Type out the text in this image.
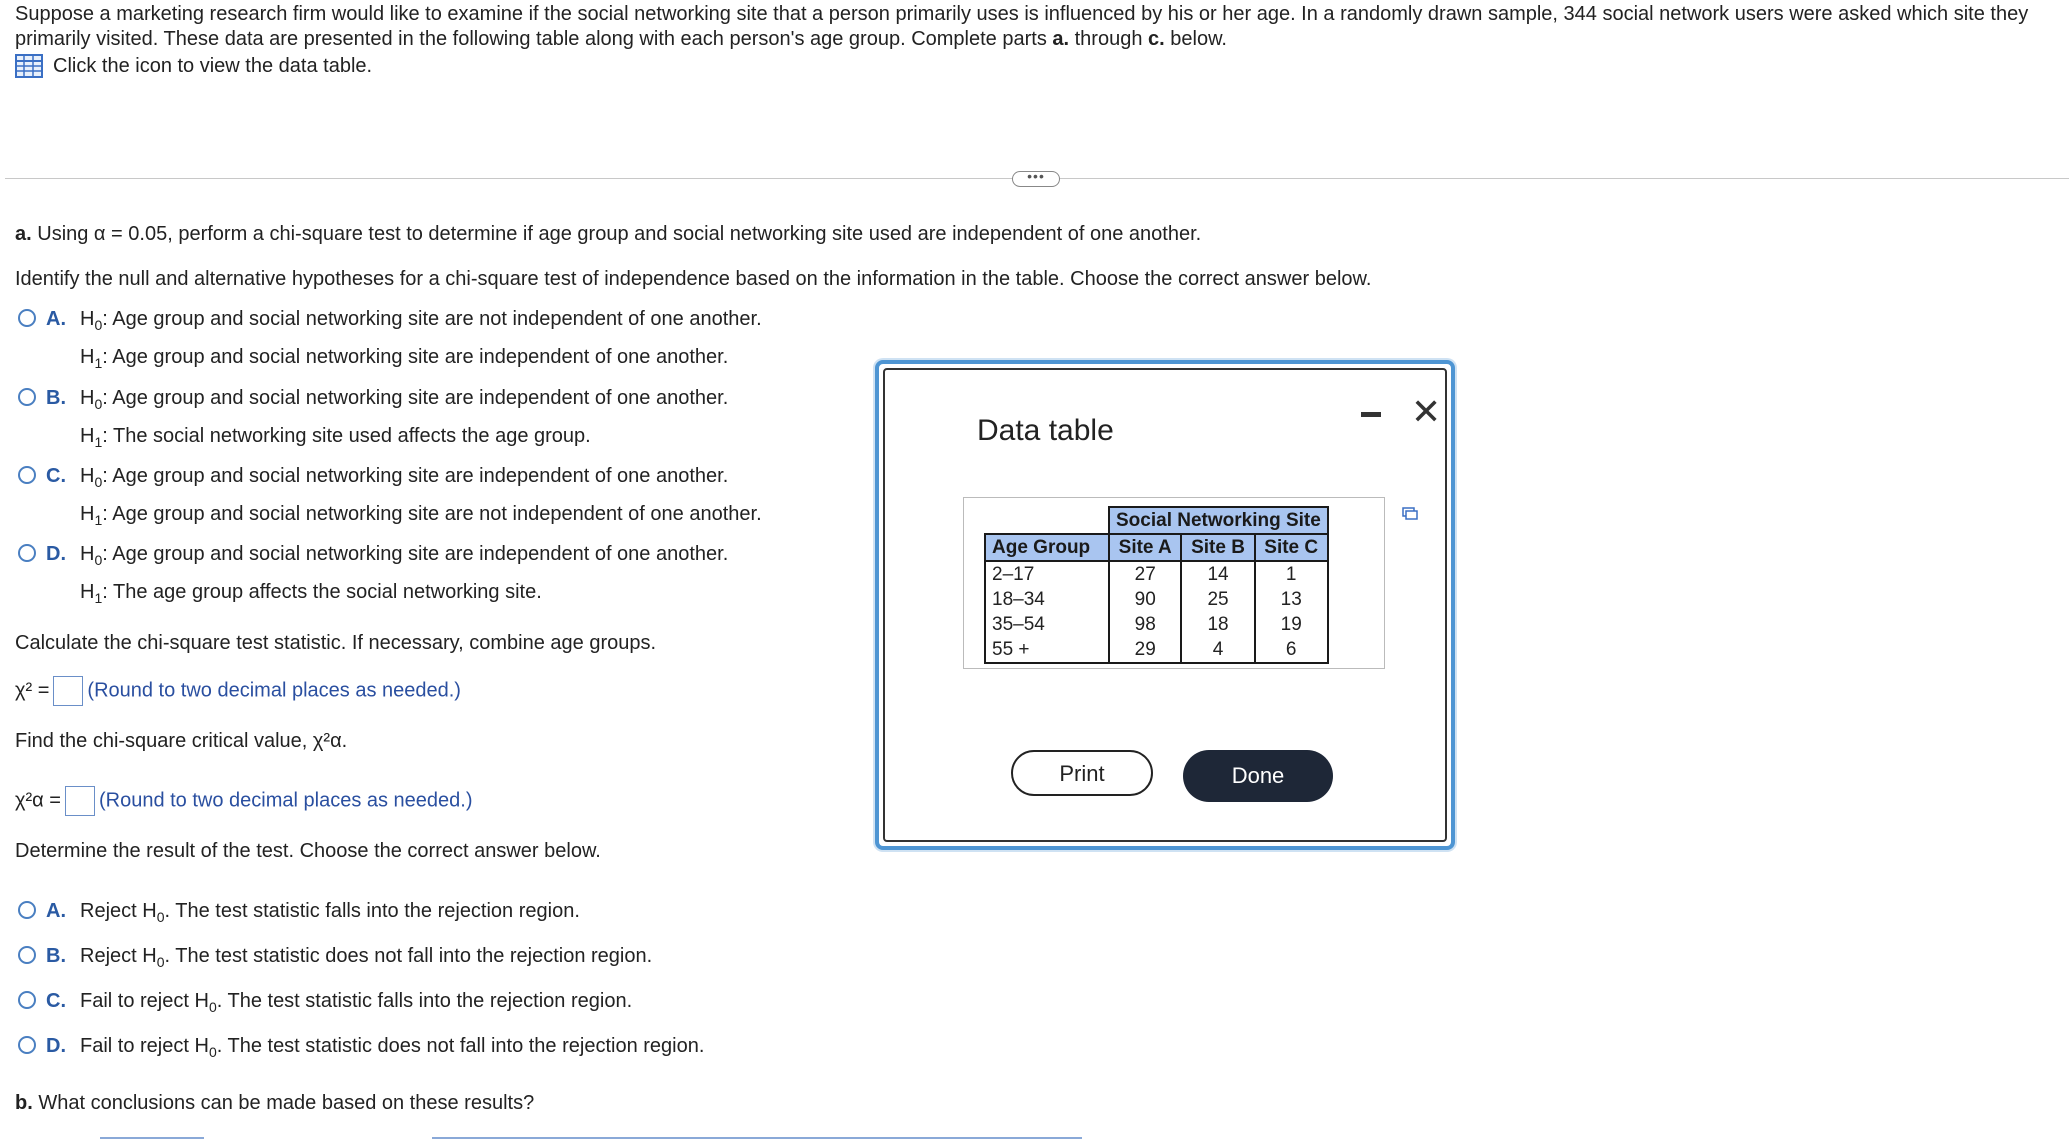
Suppose a marketing research firm would like to examine if the social networking site that a person primarily uses is influenced by his or her age. In a randomly drawn sample, 344 social network users were asked which site they primarily visited. These data are presented in the following table along with each person's age group. Complete parts a. through c. below.
Click the icon to view the data table.
•••
a. Using α = 0.05, perform a chi-square test to determine if age group and social networking site used are independent of one another.
Identify the null and alternative hypotheses for a chi-square test of independence based on the information in the table. Choose the correct answer below.
A. $H_0$: Age group and social networking site are not independent of one another.
$H_1$: Age group and social networking site are independent of one another.
B. $H_0$: Age group and social networking site are independent of one another.
$H_1$: The social networking site used affects the age group.
C. $H_0$: Age group and social networking site are independent of one another.
$H_1$: Age group and social networking site are not independent of one another.
D. $H_0$: Age group and social networking site are independent of one another.
$H_1$: The age group affects the social networking site.
Calculate the chi-square test statistic. If necessary, combine age groups.
χ² = (Round to two decimal places as needed.)
Find the chi-square critical value, χ²α.
χ²α = (Round to two decimal places as needed.)
Determine the result of the test. Choose the correct answer below.
A. Reject $H_0$. The test statistic falls into the rejection region.
B. Reject $H_0$. The test statistic does not fall into the rejection region.
C. Fail to reject $H_0$. The test statistic falls into the rejection region.
D. Fail to reject $H_0$. The test statistic does not fall into the rejection region.
b. What conclusions can be made based on these results?
Data table	✕
	Social Networking Site		
Age Group	Site A	Site B	Site C
2–17	27	14	1
18–34	90	25	13
35–54	98	18	19
55 +	29	4	6
Print	Done
